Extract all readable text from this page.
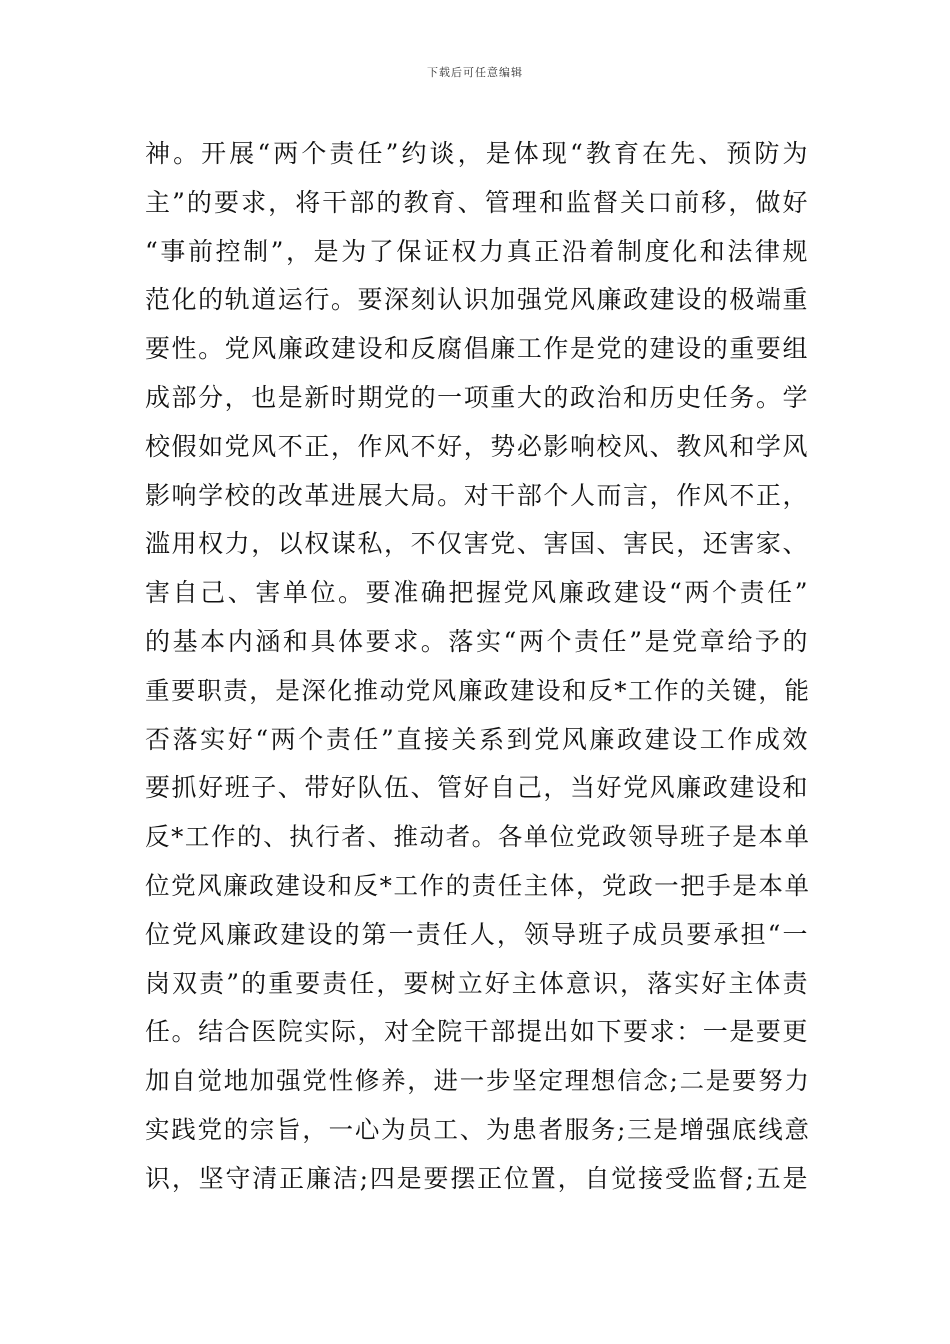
下载后可任意编辑
神。开展“两个责任”约谈，是体现“教育在先、预防为
主”的要求，将干部的教育、管理和监督关口前移，做好
“事前控制”，是为了保证权力真正沿着制度化和法律规
范化的轨道运行。要深刻认识加强党风廉政建设的极端重
要性。党风廉政建设和反腐倡廉工作是党的建设的重要组
成部分，也是新时期党的一项重大的政治和历史任务。学
校假如党风不正，作风不好，势必影响校风、教风和学风
影响学校的改革进展大局。对干部个人而言，作风不正，
滥用权力，以权谋私，不仅害党、害国、害民，还害家、
害自己、害单位。要准确把握党风廉政建设“两个责任”
的基本内涵和具体要求。落实“两个责任”是党章给予的
重要职责，是深化推动党风廉政建设和反*工作的关键，能
否落实好“两个责任”直接关系到党风廉政建设工作成效
要抓好班子、带好队伍、管好自己，当好党风廉政建设和
反*工作的、执行者、推动者。各单位党政领导班子是本单
位党风廉政建设和反*工作的责任主体，党政一把手是本单
位党风廉政建设的第一责任人，领导班子成员要承担“一
岗双责”的重要责任，要树立好主体意识，落实好主体责
任。结合医院实际，对全院干部提出如下要求：一是要更
加自觉地加强党性修养，进一步坚定理想信念;二是要努力
实践党的宗旨，一心为员工、为患者服务;三是增强底线意
识，坚守清正廉洁;四是要摆正位置，自觉接受监督;五是
